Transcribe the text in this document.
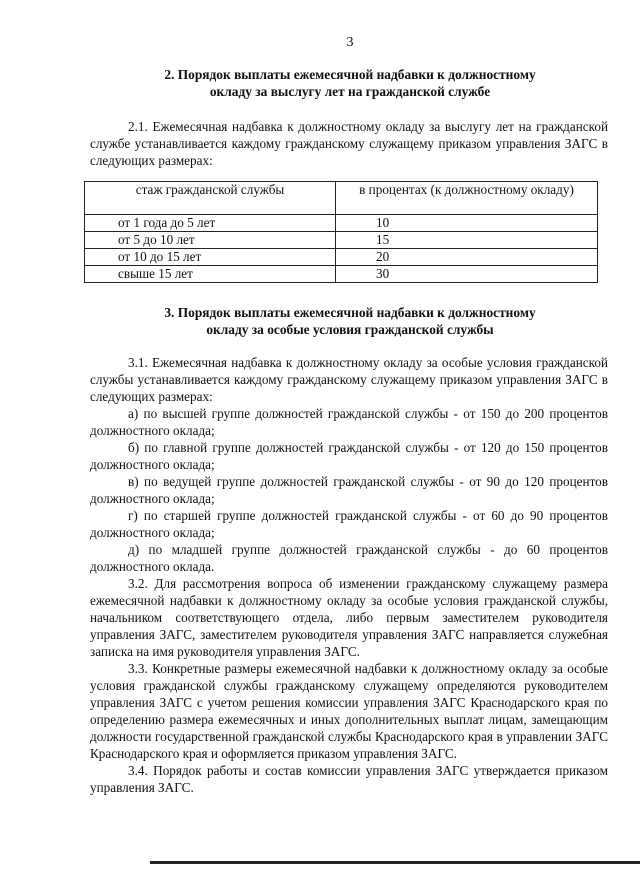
3
2. Порядок выплаты ежемесячной надбавки к должностному
окладу за выслугу лет на гражданской службе
2.1. Ежемесячная надбавка к должностному окладу за выслугу лет на гражданской службе устанавливается каждому гражданскому служащему приказом управления ЗАГС в следующих размерах:
стаж гражданской службы	в процентах (к должностному окладу)
от 1 года до 5 лет	10
от 5 до 10 лет	15
от 10 до 15 лет	20
свыше 15 лет	30
3. Порядок выплаты ежемесячной надбавки к должностному
окладу за особые условия гражданской службы

3.1. Ежемесячная надбавка к должностному окладу за особые условия гражданской службы устанавливается каждому гражданскому служащему приказом управления ЗАГС в следующих размерах:

а) по высшей группе должностей гражданской службы - от 150 до 200 процентов должностного оклада;

б) по главной группе должностей гражданской службы - от 120 до 150 процентов должностного оклада;

в) по ведущей группе должностей гражданской службы - от 90 до 120 процентов должностного оклада;

г) по старшей группе должностей гражданской службы - от 60 до 90 процентов должностного оклада;

д) по младшей группе должностей гражданской службы - до 60 процентов должностного оклада.

3.2. Для рассмотрения вопроса об изменении гражданскому служащему размера ежемесячной надбавки к должностному окладу за особые условия гражданской службы, начальником соответствующего отдела, либо первым заместителем руководителя управления ЗАГС, заместителем руководителя управления ЗАГС направляется служебная записка на имя руководителя управления ЗАГС.

3.3. Конкретные размеры ежемесячной надбавки к должностному окладу за особые условия гражданской службы гражданскому служащему определяются руководителем управления ЗАГС с учетом решения комиссии управления ЗАГС Краснодарского края по определению размера ежемесячных и иных дополнительных выплат лицам, замещающим должности государственной гражданской службы Краснодарского края в управлении ЗАГС Краснодарского края и оформляется приказом управления ЗАГС.

3.4. Порядок работы и состав комиссии управления ЗАГС утверждается приказом управления ЗАГС.
